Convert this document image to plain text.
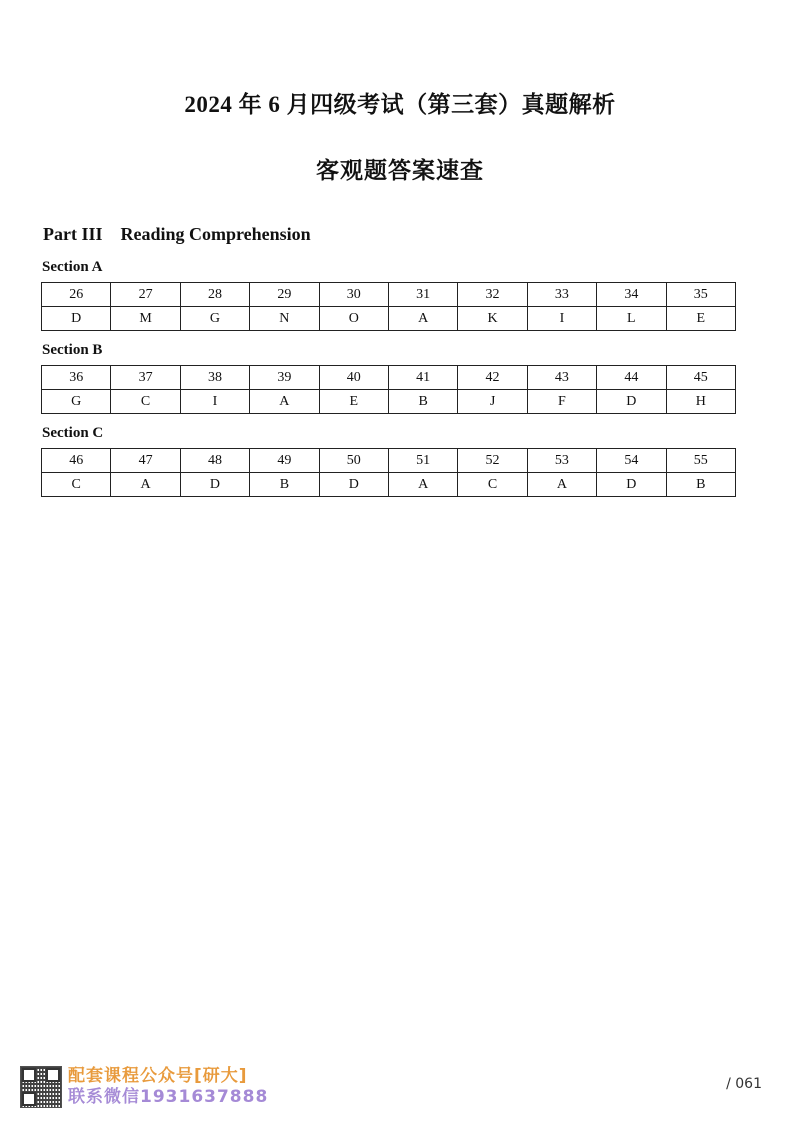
2024 年 6 月四级考试（第三套）真题解析
客观题答案速查
Part III Reading Comprehension
Section A
26	27	28	29	30	31	32	33	34	35
D	M	G	N	O	A	K	I	L	E
Section B
36	37	38	39	40	41	42	43	44	45
G	C	I	A	E	B	J	F	D	H
Section C
46	47	48	49	50	51	52	53	54	55
C	A	D	B	D	A	C	A	D	B
配套课程公众号[研大]
联系微信1931637888
/ 061
